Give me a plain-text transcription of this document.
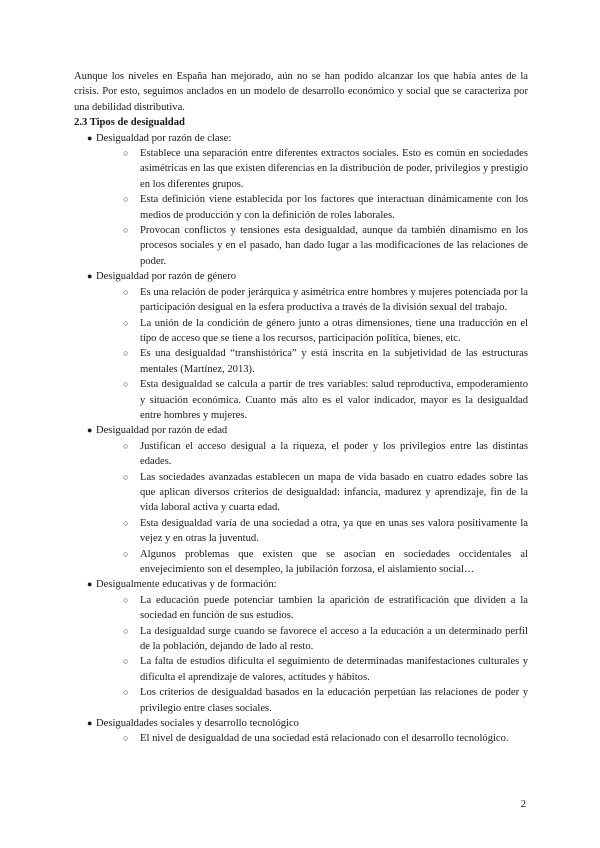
Aunque los niveles en España han mejorado, aún no se han podido alcanzar los que había antes de la crisis. Por esto, seguimos anclados en un modelo de desarrollo económico y social que se caracteriza por una debilidad distributiva.

2.3 Tipos de desigualdad

● Desigualdad por razón de clase:
○ Establece una separación entre diferentes extractos sociales. Esto es común en sociedades asimétricas en las que existen diferencias en la distribución de poder, privilegios y prestigio en los diferentes grupos.
○ Esta definición viene establecida por los factores que interactuan dinámicamente con los medios de producción y con la definición de roles laborales.
○ Provocan conflictos y tensiones esta desigualdad, aunque da también dinamismo en los procesos sociales y en el pasado, han dado lugar a las modificaciones de las relaciones de poder.
● Desigualdad por razón de género
○ Es una relación de poder jerárquica y asimétrica entre hombres y mujeres potenciada por la participación desigual en la esfera productiva a través de la división sexual del trabajo.
○ La unión de la condición de género junto a otras dimensiones, tiene una traducción en el tipo de acceso que se tiene a los recursos, participación política, bienes, etc.
○ Es una desigualdad “transhistórica” y está inscrita en la subjetividad de las estructuras mentales (Martínez, 2013).
○ Esta desigualdad se calcula a partir de tres variables: salud reproductiva, empoderamiento y situación económica. Cuanto más alto es el valor indicador, mayor es la desigualdad entre hombres y mujeres.
● Desigualdad por razón de edad
○ Justifican el acceso desigual a la riqueza, el poder y los privilegios entre las distintas edades.
○ Las sociedades avanzadas establecen un mapa de vida basado en cuatro edades sobre las que aplican diversos criterios de desigualdad: infancia, madurez y aprendizaje, fin de la vida laboral activa y cuarta edad.
○ Esta desigualdad varía de una sociedad a otra, ya que en unas ses valora positivamente la vejez y en otras la juventud.
○ Algunos problemas que existen que se asocian en sociedades occidentales al envejecimiento son el desempleo, la jubilación forzosa, el aislamiento social…
● Desigualmente educativas y de formación:
○ La educación puede potenciar tambien la aparición de estratificación que dividen a la sociedad en función de sus estudios.
○ La desigualdad surge cuando se favorece el acceso a la educación a un determinado perfil de la población, dejando de lado al resto.
○ La falta de estudios dificulta el seguimiento de determinadas manifestaciones culturales y dificulta el aprendizaje de valores, actitudes y hábitos.
○ Los criterios de desigualdad basados en la educación perpetúan las relaciones de poder y privilegio entre clases sociales.
● Desigualdades sociales y desarrollo tecnológico
○ El nivel de desigualdad de una sociedad está relacionado con el desarrollo tecnológico.
2
